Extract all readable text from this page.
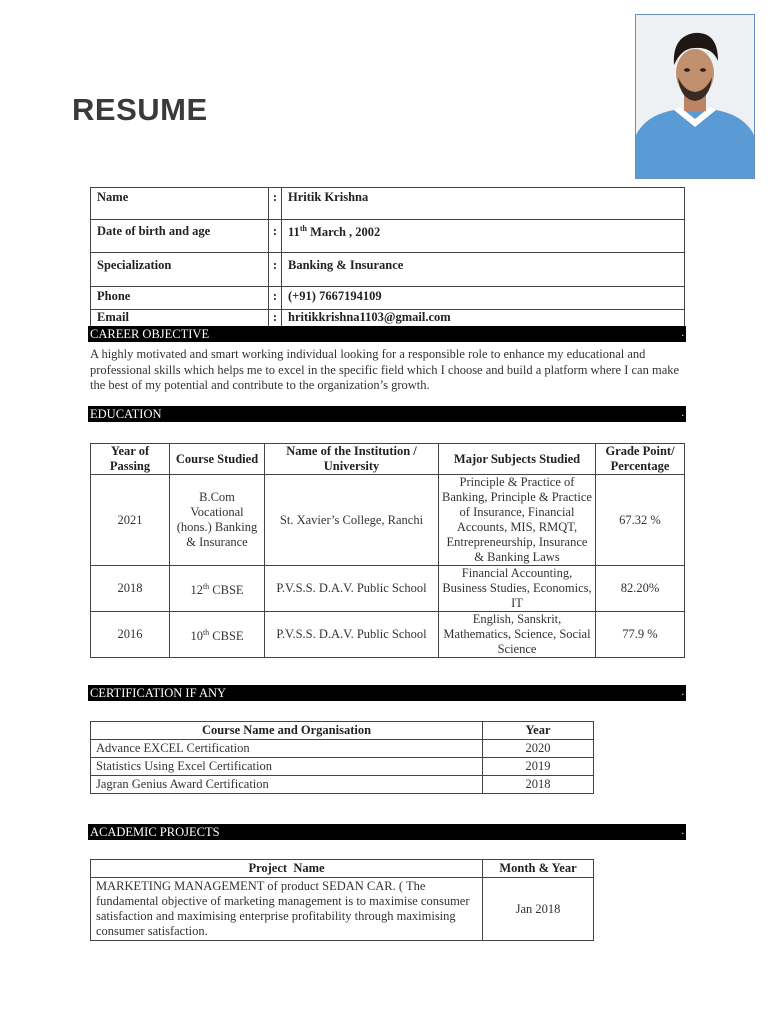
RESUME
Name	:	Hritik Krishna
Date of birth and age	:	11th March , 2002
Specialization	:	Banking & Insurance
Phone	:	(+91) 7667194109
Email	:	hritikkrishna1103@gmail.com
CAREER OBJECTIVE	.
A highly motivated and smart working individual looking for a responsible role to enhance my educational and professional skills which helps me to excel in the specific field which I choose and build a platform where I can make the best of my potential and contribute to the organization’s growth.
EDUCATION	.
Year of Passing	Course Studied	Name of the Institution / University	Major Subjects Studied	Grade Point/ Percentage
2021	B.Com Vocational (hons.) Banking & Insurance	St. Xavier’s College, Ranchi	Principle & Practice of Banking, Principle & Practice of Insurance, Financial Accounts, MIS, RMQT, Entrepreneurship, Insurance & Banking Laws	67.32 %
2018	12th CBSE	P.V.S.S. D.A.V. Public School	Financial Accounting, Business Studies, Economics, IT	82.20%
2016	10th CBSE	P.V.S.S. D.A.V. Public School	English, Sanskrit, Mathematics, Science, Social Science	77.9 %
CERTIFICATION IF ANY	.
Course Name and Organisation	Year
Advance EXCEL Certification	2020
Statistics Using Excel Certification	2019
Jagran Genius Award Certification	2018
ACADEMIC PROJECTS	.
Project  Name	Month & Year
MARKETING MANAGEMENT of product SEDAN CAR. ( The fundamental objective of marketing management is to maximise consumer satisfaction and maximising enterprise profitability through maximising consumer satisfaction.	Jan 2018
